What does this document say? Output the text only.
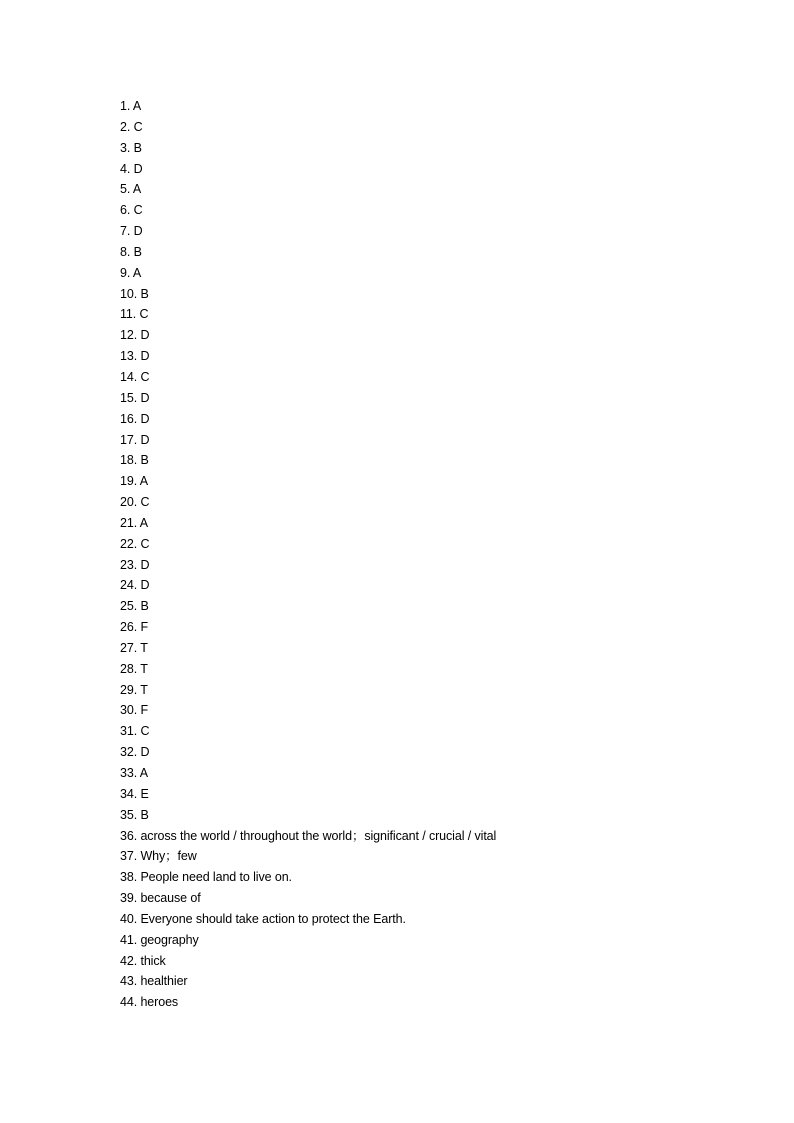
1. A
2. C
3. B
4. D
5. A
6. C
7. D
8. B
9. A
10. B
11. C
12. D
13. D
14. C
15. D
16. D
17. D
18. B
19. A
20. C
21. A
22. C
23. D
24. D
25. B
26. F
27. T
28. T
29. T
30. F
31. C
32. D
33. A
34. E
35. B
36. across the world / throughout the world；significant / crucial / vital
37. Why；few
38. People need land to live on.
39. because of
40. Everyone should take action to protect the Earth.
41. geography
42. thick
43. healthier
44. heroes
